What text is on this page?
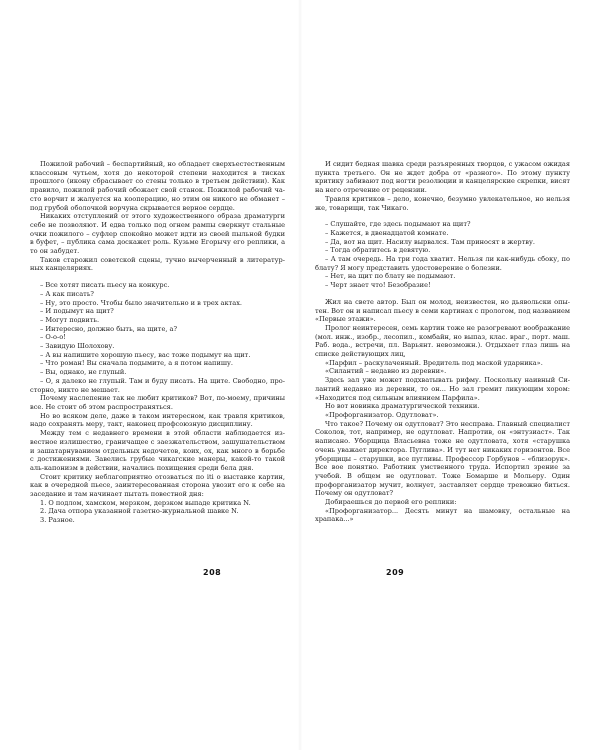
Пожилой рабочий – беспартийный, но обладает сверхъестественным классовым чутьем, хотя до некоторой степени находится в тисках прошлого (икону сбрасывает со стены только в третьем действии). Как правило, пожилой рабочий обожает свой станок. Пожилой рабочий часто ворчит и жалуется на кооперацию, но этим он никого не обманет – под грубой оболочкой ворчуна скрывается верное сердце.

Никаких отступлений от этого художественного образа драматурги себе не позволяют. И едва только под огнем рампы сверкнут стальные очки пожилого – суфлер спокойно может идти из своей пыльной будки в буфет, – публика сама доскажет роль. Кузьме Егорычу его реплики, а то он забудет.

Таков старожил советской сцены, тучно вычерченный в литературных канцеляриях.

– Все хотят писать пьесу на конкурс.

– А как писать?

– Ну, это просто. Чтобы было значительно и в трех актах.

– И подымут на щит?

– Могут подвить.

– Интересно, должно быть, на щите, а?

– О-о-о!

– Завидую Шолохову.

– А вы напишите хорошую пьесу, вас тоже подымут на щит.

– Что роман! Вы сначала подымите, а я потом напишу.

– Вы, однако, не глупый.

– О, я далеко не глупый. Там и буду писать. На щите. Свободно, просторно, никто не мешает.

Почему наслепение так не любит критиков? Вот, по-моему, причины все. Не стоит об этом распространяться.

Но во всяком деле, даже в таком интересном, как травля критиков, надо сохранять меру, такт, наконец профсоюзную дисциплину.

Между тем с недавнего времени в этой области наблюдается известное излишество, граничащее с заезжательством, зашушательством и зашатарнуванием отдельных недочетов, коих, ох, как много в борьбе с достижениями. Завелись грубые чикагские манеры, какой-то такой аль-капонизм в действии, начались похищения среди бела дня.

Стоит критику неблагоприятно отозваться пo iti о выставке картин, как в очередной пьесе, заинтересованная сторона увозит его к себе на заседание и там начинает пытать повестной дня:

1. О подлом, хамском, мерзком, дерзком выпаде критика N.

2. Дача отпора указанной газетно-журнальной шавке N.

3. Разное.

208

И сидит бедная шавка среди разъяренных творцов, с ужасом ожидая пункта третьего. Он не ждет добра от «разного». По этому пункту критику забивают под ногти резолюции и канцелярские скрепки, висят на него отречение от рецензии.

Травля критиков – дело, конечно, безумно увлекательное, но нельзя же, товарищи, так Чикаго.

– Слушайте, где здесь подымают на щит?

– Кажется, в двенадцатой комнате.

– Да, вот на щит. Насилу вырвался. Там приносят в жертву.

– Тогда обратитесь в девятую.

– А там очередь. На три года хватит. Нельзя ли как-нибудь сбоку, по блату? Я могу представить удостоверение о болезни.

– Нет, на щит по блату не подымают.

– Черт знает что! Безобразие!

Жил на свете автор. Был он молод, неизвестен, но дьявольски опытен. Вот он и написал пьесу в семи картинах с прологом, под названием «Первые этажи».

Пролог неинтересен, семь картин тоже не разогревают воображание (мол. инж., изобр., лесопил., комбайн, но выпаз, клас. враг., порт. маш. Раб. вода., встречи, пл. Варьянт. невозможн.). Отдыхает глаз лишь на списке действующих лиц,

«Парфил – раскулаченный. Вредитель под маской ударника».

«Силантий – недавно из деревни».

Здесь зал уже может подхватывать рифму. Поскольку наивный Силантий недавно из деревни, то он... Но зал гремит ликующим хором: «Находится под сильным влиянием Парфила».

Но вот новинка драматургической техники.

«Профорганизатор. Одутловат».

Что такое? Почему он одутловат? Это несправа. Главный специалист Соколов, тот, например, не одутловат. Напротив, он «энтузиаст». Так написано. Уборщица Власьевна тоже не одутловата, хотя «старушка очень уважает директора. Пуглива». И тут нет никаких горизонтов. Все уборщицы – старушки, все пугливы. Профессор Горбунов – «близорук». Все вое понятно. Работник умственного труда. Испортил зрение за учебой. В общем не одутловат. Тоже Бомарше и Мольеру. Один профорганизатор мучит, волнует, заставляет сердце тревожно биться. Почему он одутловат?

Добираешься до первой его реплики:

«Профорганизатор... Десять минут на шамовку, остальные на храпака...»

209
